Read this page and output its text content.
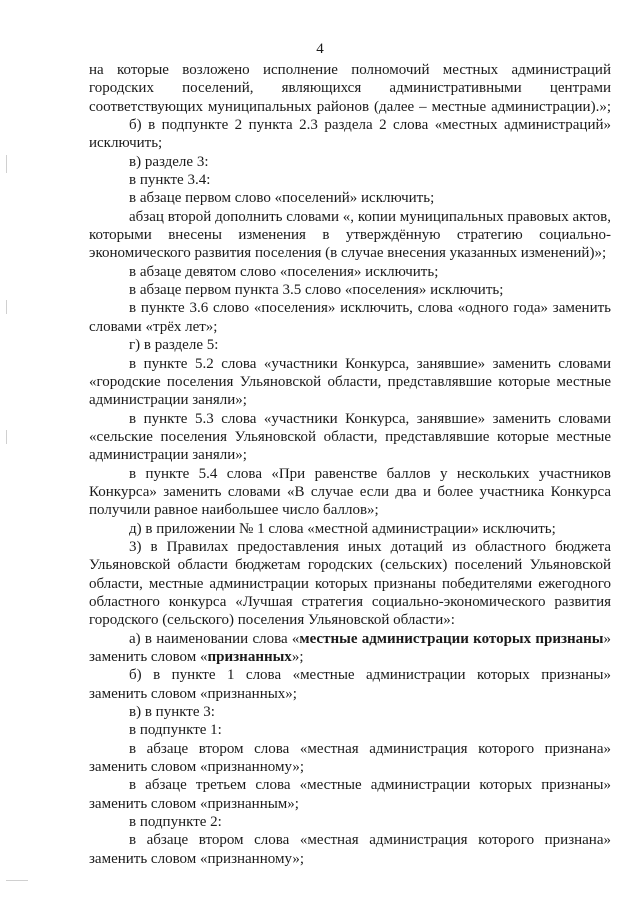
4

на которые возложено исполнение полномочий местных администраций городских поселений, являющихся административными центрами соответствующих муниципальных районов (далее – местные администрации).»;

б) в подпункте 2 пункта 2.3 раздела 2 слова «местных администраций» исключить;

в) разделе 3:

в пункте 3.4:

в абзаце первом слово «поселений» исключить;

абзац второй дополнить словами «, копии муниципальных правовых актов, которыми внесены изменения в утверждённую стратегию социально-экономического развития поселения (в случае внесения указанных изменений)»;

в абзаце девятом слово «поселения» исключить;

в абзаце первом пункта 3.5 слово «поселения» исключить;

в пункте 3.6 слово «поселения» исключить, слова «одного года» заменить словами «трёх лет»;

г) в разделе 5:

в пункте 5.2 слова «участники Конкурса, занявшие» заменить словами «городские поселения Ульяновской области, представлявшие которые местные администрации заняли»;

в пункте 5.3 слова «участники Конкурса, занявшие» заменить словами «сельские поселения Ульяновской области, представлявшие которые местные администрации заняли»;

в пункте 5.4 слова «При равенстве баллов у нескольких участников Конкурса» заменить словами «В случае если два и более участника Конкурса получили равное наибольшее число баллов»;

д) в приложении № 1 слова «местной администрации» исключить;

3) в Правилах предоставления иных дотаций из областного бюджета Ульяновской области бюджетам городских (сельских) поселений Ульяновской области, местные администрации которых признаны победителями ежегодного областного конкурса «Лучшая стратегия социально-экономического развития городского (сельского) поселения Ульяновской области»:

а) в наименовании слова «местные администрации которых признаны» заменить словом «признанных»;

б) в пункте 1 слова «местные администрации которых признаны» заменить словом «признанных»;

в) в пункте 3:

в подпункте 1:

в абзаце втором слова «местная администрация которого признана» заменить словом «признанному»;

в абзаце третьем слова «местные администрации которых признаны» заменить словом «признанным»;

в подпункте 2:

в абзаце втором слова «местная администрация которого признана» заменить словом «признанному»;
